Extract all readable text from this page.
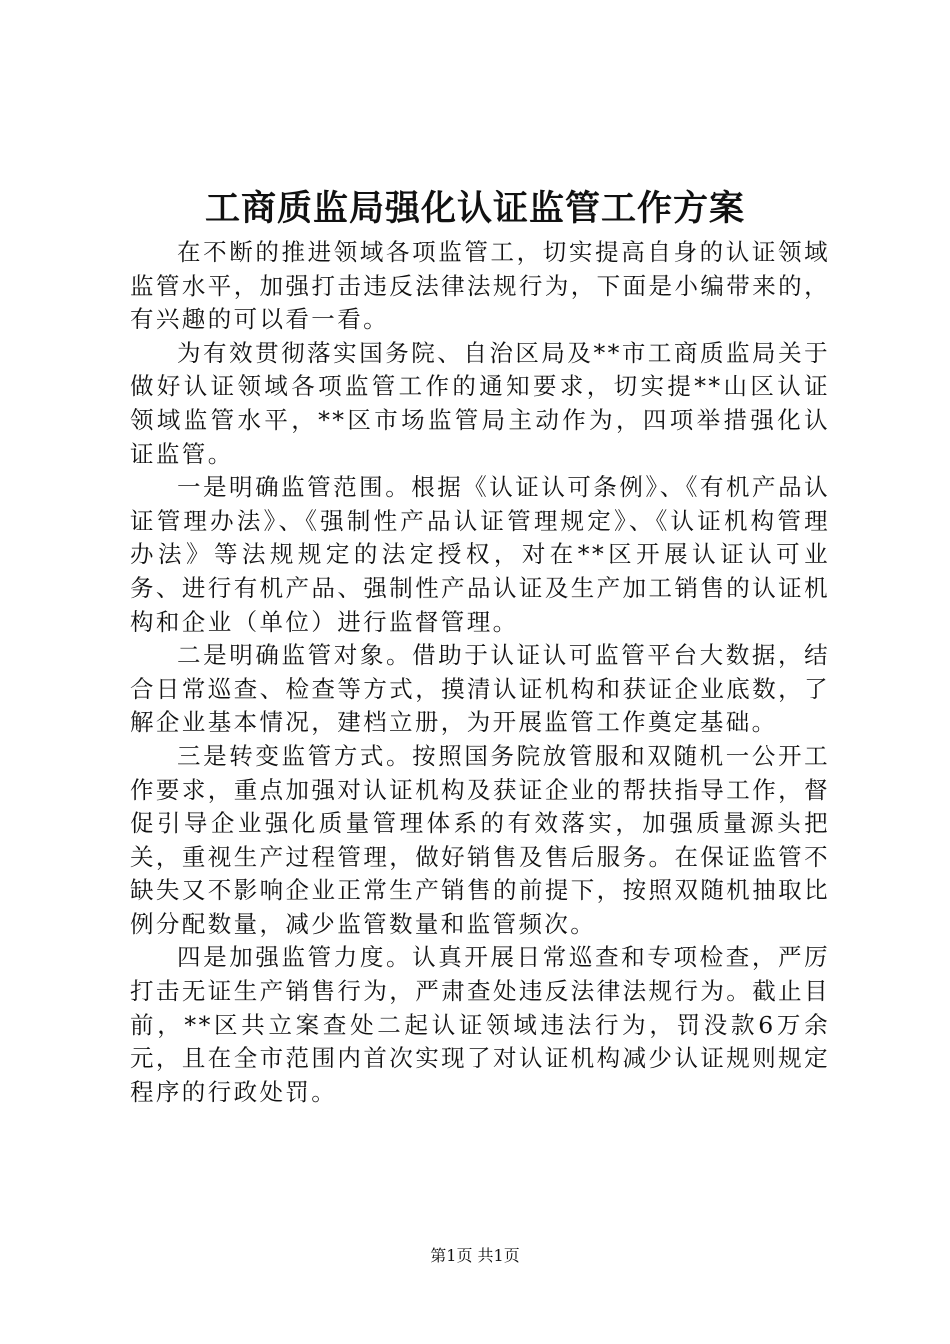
工商质监局强化认证监管工作方案

在不断的推进领域各项监管工，切实提高自身的认证领域监管水平，加强打击违反法律法规行为，下面是小编带来的，有兴趣的可以看一看。

为有效贯彻落实国务院、自治区局及**市工商质监局关于做好认证领域各项监管工作的通知要求，切实提**山区认证领域监管水平，**区市场监管局主动作为，四项举措强化认证监管。

一是明确监管范围。根据《认证认可条例》、《有机产品认证管理办法》、《强制性产品认证管理规定》、《认证机构管理办法》等法规规定的法定授权，对在**区开展认证认可业务、进行有机产品、强制性产品认证及生产加工销售的认证机构和企业（单位）进行监督管理。

二是明确监管对象。借助于认证认可监管平台大数据，结合日常巡查、检查等方式，摸清认证机构和获证企业底数，了解企业基本情况，建档立册，为开展监管工作奠定基础。

三是转变监管方式。按照国务院放管服和双随机一公开工作要求，重点加强对认证机构及获证企业的帮扶指导工作，督促引导企业强化质量管理体系的有效落实，加强质量源头把关，重视生产过程管理，做好销售及售后服务。在保证监管不缺失又不影响企业正常生产销售的前提下，按照双随机抽取比例分配数量，减少监管数量和监管频次。

四是加强监管力度。认真开展日常巡查和专项检查，严厉打击无证生产销售行为，严肃查处违反法律法规行为。截止目前，**区共立案查处二起认证领域违法行为，罚没款6万余元，且在全市范围内首次实现了对认证机构减少认证规则规定程序的行政处罚。

第1页 共1页
